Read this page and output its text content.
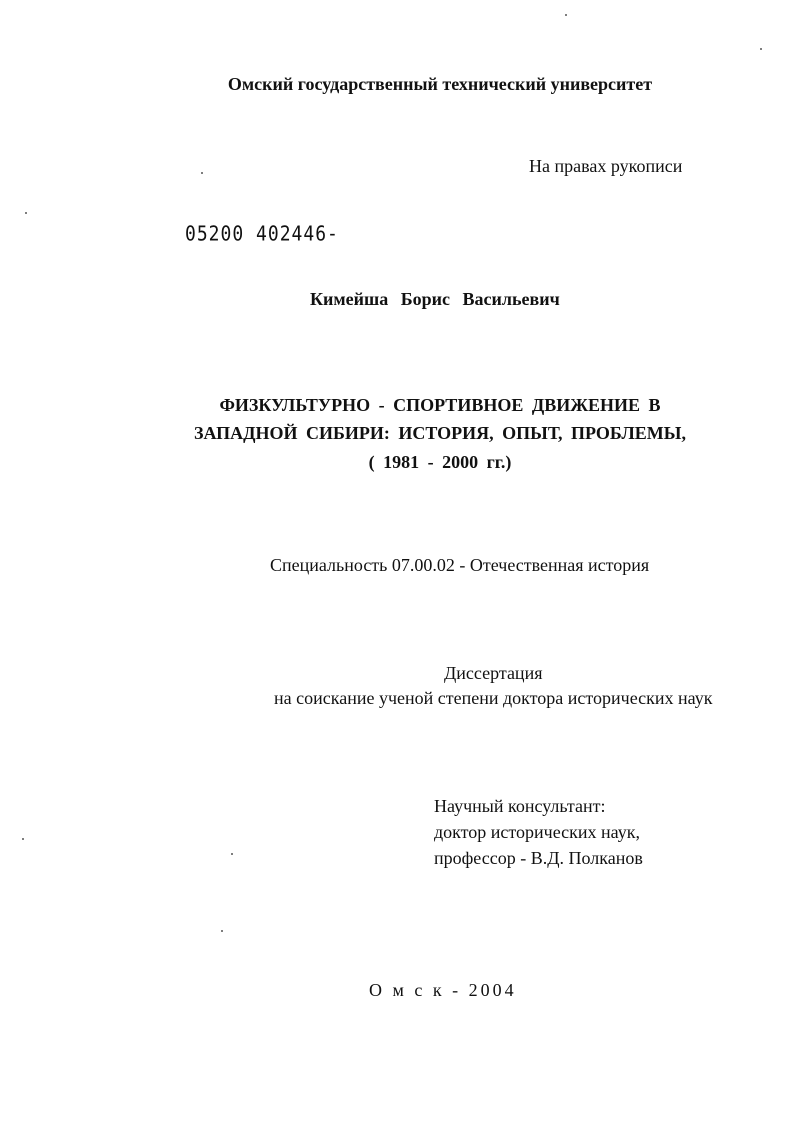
Омский государственный технический университет
На правах рукописи
05200 402446-
Кимейша Борис Васильевич
ФИЗКУЛЬТУРНО - СПОРТИВНОЕ ДВИЖЕНИЕ В
ЗАПАДНОЙ СИБИРИ: ИСТОРИЯ, ОПЫТ, ПРОБЛЕМЫ,
( 1981 - 2000 гг.)
Специальность 07.00.02 - Отечественная история
Диссертация
на соискание ученой степени доктора исторических наук
Научный консультант:
доктор исторических наук,
профессор - В.Д. Полканов
О м с к - 2004
